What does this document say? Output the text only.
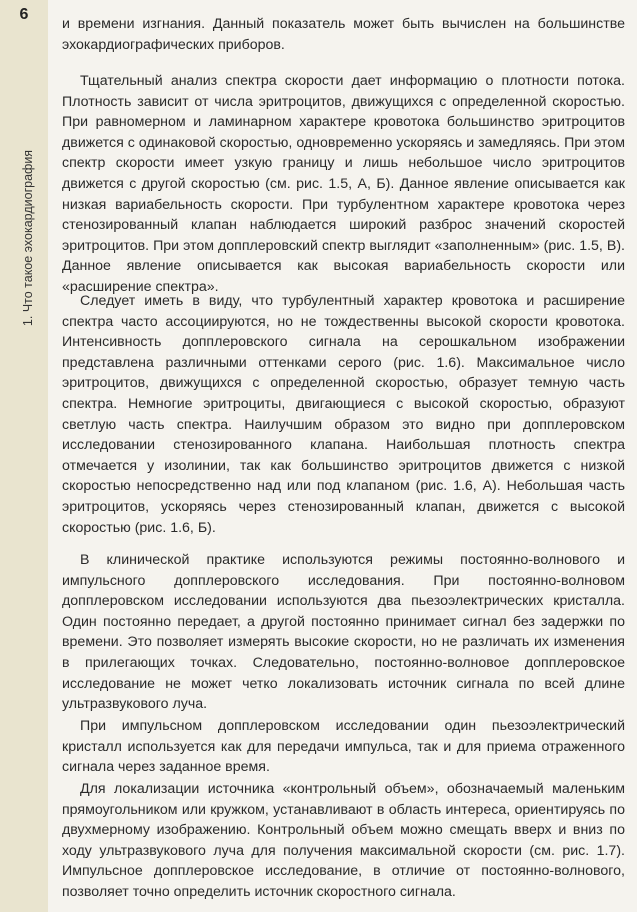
6
1. Что такое эхокардиография

и времени изгнания. Данный показатель может быть вычислен на большинстве эхокардиографических приборов.

Тщательный анализ спектра скорости дает информацию о плотности потока. Плотность зависит от числа эритроцитов, движущихся с определенной скоростью. При равномерном и ламинарном характере кровотока большинство эритроцитов движется с одинаковой скоростью, одновременно ускоряясь и замедляясь. При этом спектр скорости имеет узкую границу и лишь небольшое число эритроцитов движется с другой скоростью (см. рис. 1.5, А, Б). Данное явление описывается как низкая вариабельность скорости. При турбулентном характере кровотока через стенозированный клапан наблюдается широкий разброс значений скоростей эритроцитов. При этом допплеровский спектр выглядит «заполненным» (рис. 1.5, В). Данное явление описывается как высокая вариабельность скорости или «расширение спектра».

Следует иметь в виду, что турбулентный характер кровотока и расширение спектра часто ассоциируются, но не тождественны высокой скорости кровотока. Интенсивность допплеровского сигнала на серошкальном изображении представлена различными оттенками серого (рис. 1.6). Максимальное число эритроцитов, движущихся с определенной скоростью, образует темную часть спектра. Немногие эритроциты, двигающиеся с высокой скоростью, образуют светлую часть спектра. Наилучшим образом это видно при допплеровском исследовании стенозированного клапана. Наибольшая плотность спектра отмечается у изолинии, так как большинство эритроцитов движется с низкой скоростью непосредственно над или под клапаном (рис. 1.6, А). Небольшая часть эритроцитов, ускоряясь через стенозированный клапан, движется с высокой скоростью (рис. 1.6, Б).

В клинической практике используются режимы постоянно-волнового и импульсного допплеровского исследования. При постоянно-волновом допплеровском исследовании используются два пьезоэлектрических кристалла. Один постоянно передает, а другой постоянно принимает сигнал без задержки по времени. Это позволяет измерять высокие скорости, но не различать их изменения в прилегающих точках. Следовательно, постоянно-волновое допплеровское исследование не может четко локализовать источник сигнала по всей длине ультразвукового луча.

При импульсном допплеровском исследовании один пьезоэлектрический кристалл используется как для передачи импульса, так и для приема отраженного сигнала через заданное время.

Для локализации источника «контрольный объем», обозначаемый маленьким прямоугольником или кружком, устанавливают в область интереса, ориентируясь по двухмерному изображению. Контрольный объем можно смещать вверх и вниз по ходу ультразвукового луча для получения максимальной скорости (см. рис. 1.7). Импульсное допплеровское исследование, в отличие от постоянно-волнового, позволяет точно определить источник скоростного сигнала.
